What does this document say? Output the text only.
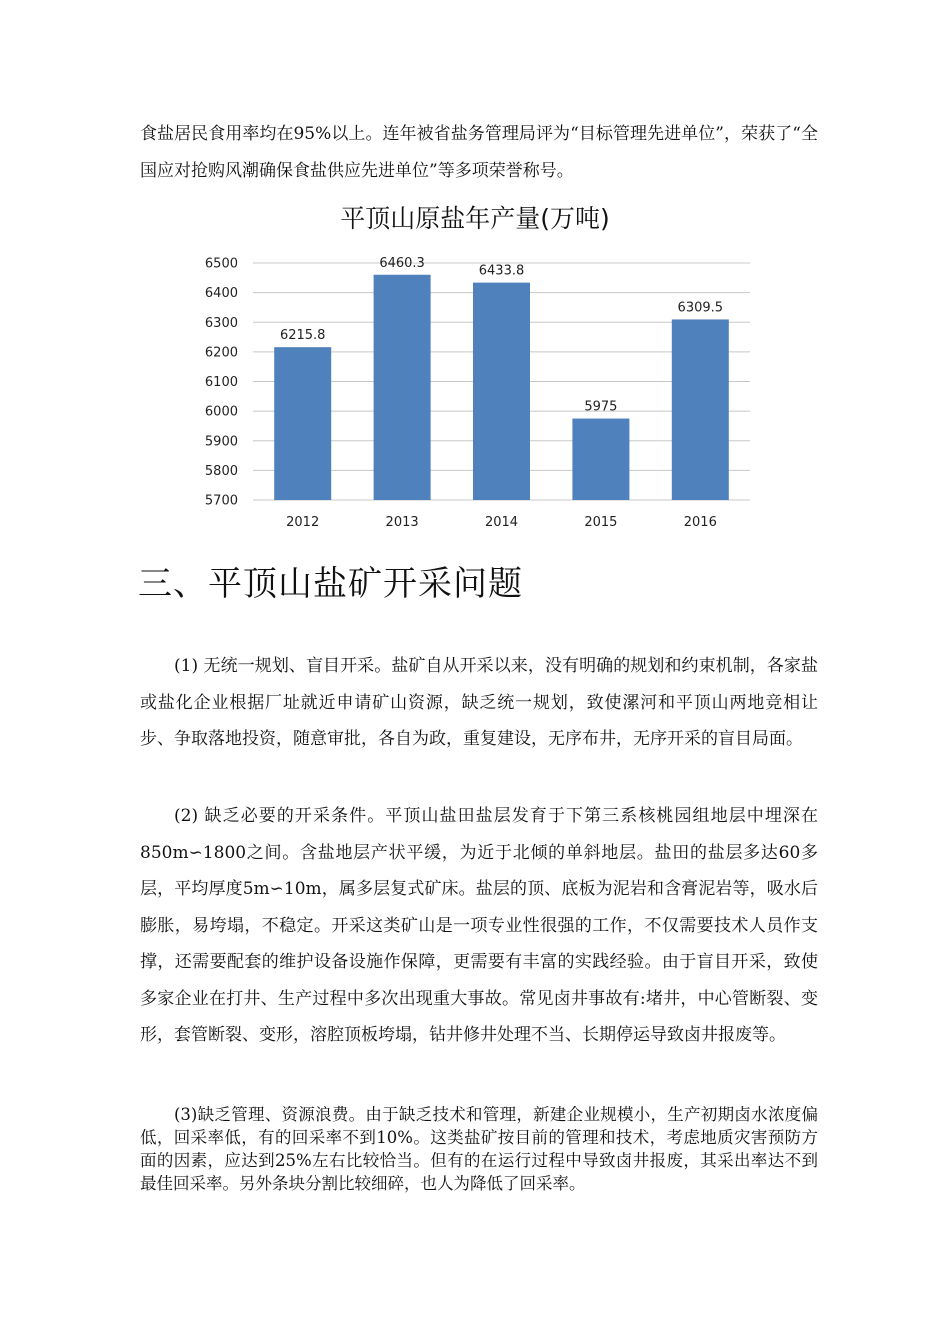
食盐居民食用率均在95%以上。连年被省盐务管理局评为“目标管理先进单位”，荣获了“全国应对抢购风潮确保食盐供应先进单位”等多项荣誉称号。

平顶山原盐年产量(万吨)
5700
5800
5900
6000
6100
6200
6300
6400
6500
6215.8
2012
6460.3
2013
6433.8
2014
5975
2015
6309.5
2016
三、平顶山盐矿开采问题

(1) 无统一规划、盲目开采。盐矿自从开采以来，没有明确的规划和约束机制，各家盐或盐化企业根据厂址就近申请矿山资源，缺乏统一规划，致使漯河和平顶山两地竞相让步、争取落地投资，随意审批，各自为政，重复建设，无序布井，无序开采的盲目局面。

(2) 缺乏必要的开采条件。平顶山盐田盐层发育于下第三系核桃园组地层中埋深在850m∽1800之间。含盐地层产状平缓，为近于北倾的单斜地层。盐田的盐层多达60多层，平均厚度5m∽10m，属多层复式矿床。盐层的顶、底板为泥岩和含膏泥岩等，吸水后膨胀，易垮塌，不稳定。开采这类矿山是一项专业性很强的工作，不仅需要技术人员作支撑，还需要配套的维护设备设施作保障，更需要有丰富的实践经验。由于盲目开采，致使多家企业在打井、生产过程中多次出现重大事故。常见卤井事故有:堵井，中心管断裂、变形，套管断裂、变形，溶腔顶板垮塌，钻井修井处理不当、长期停运导致卤井报废等。

(3)缺乏管理、资源浪费。由于缺乏技术和管理，新建企业规模小，生产初期卤水浓度偏低，回采率低，有的回采率不到10%。这类盐矿按目前的管理和技术，考虑地质灾害预防方面的因素，应达到25%左右比较恰当。但有的在运行过程中导致卤井报废，其采出率达不到最佳回采率。另外条块分割比较细碎，也人为降低了回采率。
